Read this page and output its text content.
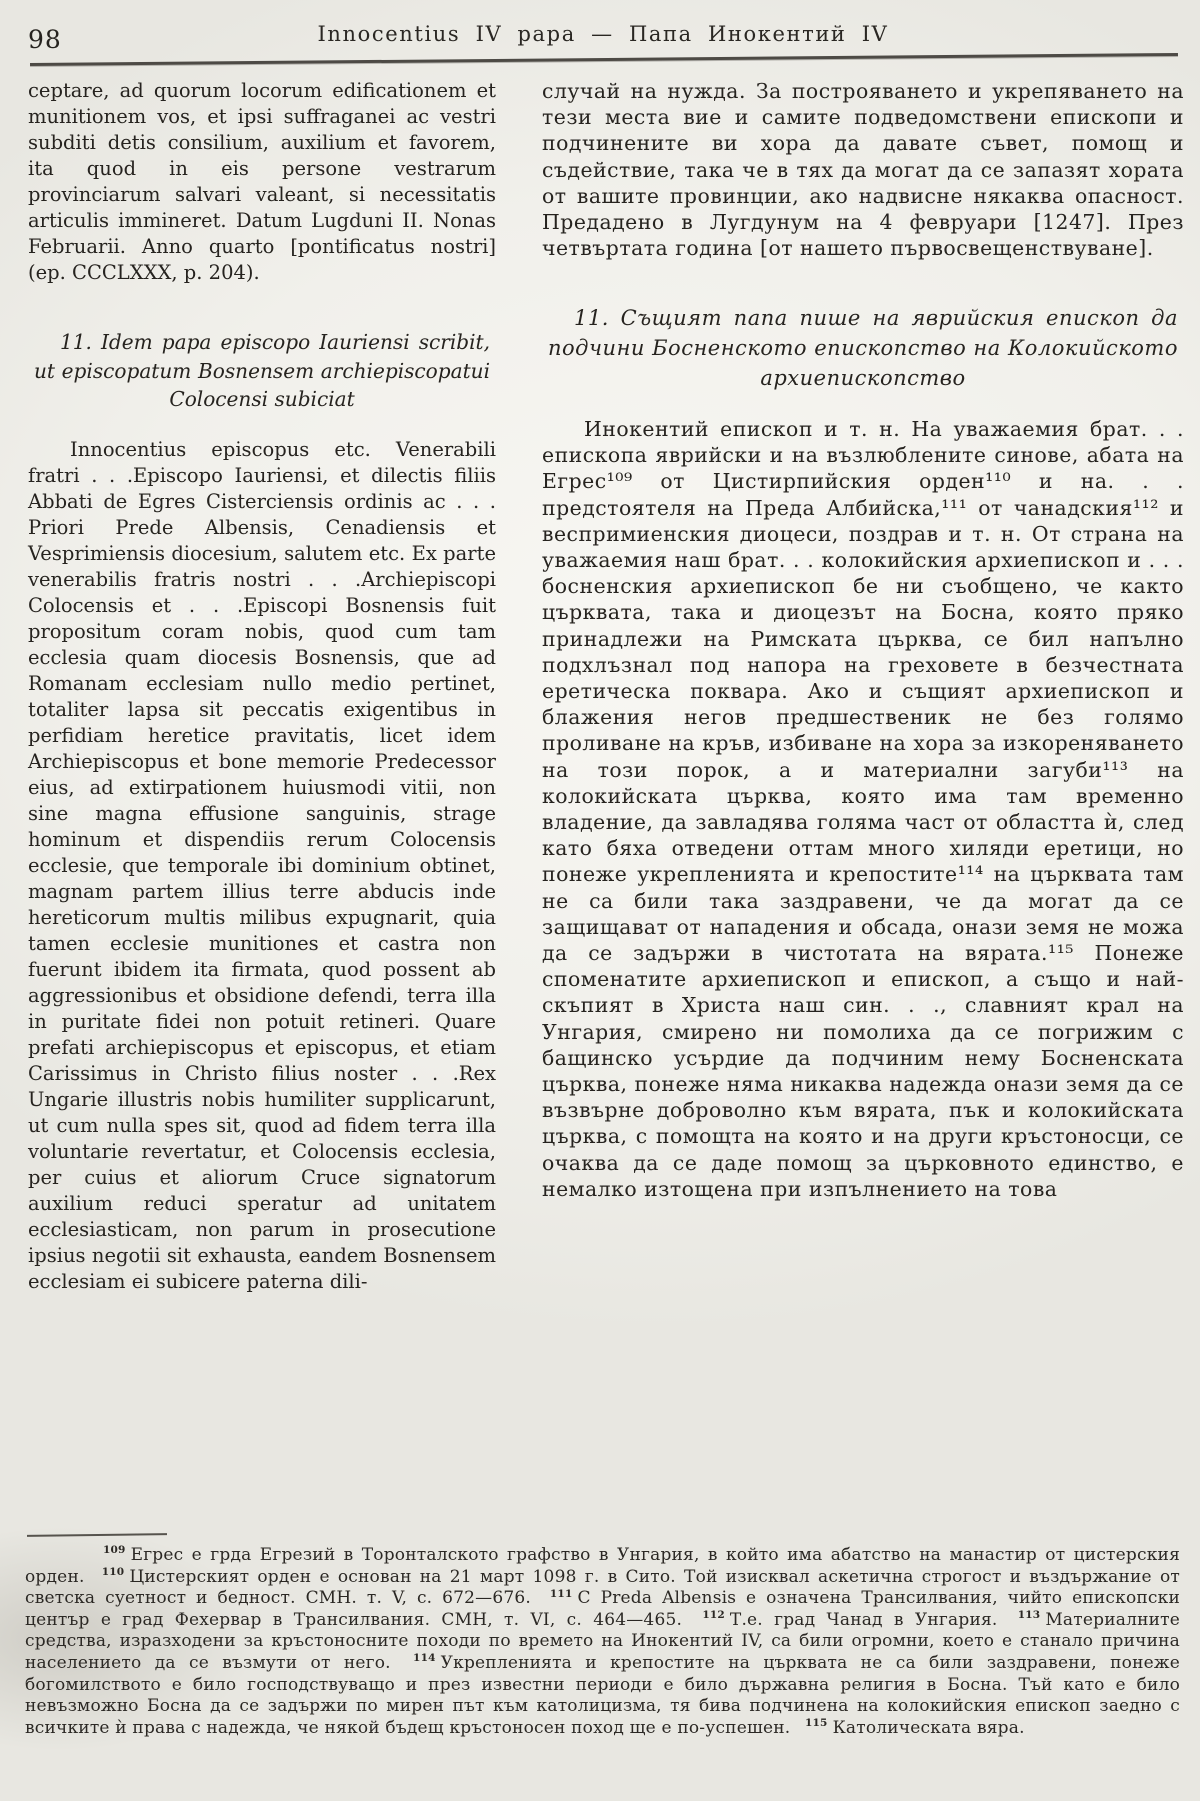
98	Innocentius IV papa — Папа Инокентий IV

ceptare, ad quorum locorum edificationem et munitionem vos, et ipsi suffraganei ac vestri subditi detis consilium, auxilium et favorem, ita quod in eis persone vestrarum provinciarum salvari valeant, si necessitatis articulis immineret. Datum Lugduni II. Nonas Februarii. Anno quarto [pontificatus nostri] (ep. CCCLXXX, p. 204).

11. Idem papa episcopo Iauriensi scribit, ut episcopatum Bosnensem archiepiscopatui Colocensi subiciat

Innocentius episcopus etc. Venerabili fratri . . .Episcopo Iauriensi, et dilectis filiis Abbati de Egres Cisterciensis ordinis ac . . . Priori Prede Albensis, Cenadiensis et Vesprimiensis diocesium, salutem etc. Ex parte venerabilis fratris nostri . . .Archiepiscopi Colocensis et . . .Episcopi Bosnensis fuit propositum coram nobis, quod cum tam ecclesia quam diocesis Bosnensis, que ad Romanam ecclesiam nullo medio pertinet, totaliter lapsa sit peccatis exigentibus in perfidiam heretice pravitatis, licet idem Archiepiscopus et bone memorie Predecessor eius, ad extirpationem huiusmodi vitii, non sine magna effusione sanguinis, strage hominum et dispendiis rerum Colocensis ecclesie, que temporale ibi dominium obtinet, magnam partem illius terre abducis inde hereticorum multis milibus expugnarit, quia tamen ecclesie munitiones et castra non fuerunt ibidem ita firmata, quod possent ab aggressionibus et obsidione defendi, terra illa in puritate fidei non potuit retineri. Quare prefati archiepiscopus et episcopus, et etiam Carissimus in Christo filius noster . . .Rex Ungarie illustris nobis humiliter supplicarunt, ut cum nulla spes sit, quod ad fidem terra illa voluntarie revertatur, et Colocensis ecclesia, per cuius et aliorum Cruce signatorum auxilium reduci speratur ad unitatem ecclesiasticam, non parum in prosecutione ipsius negotii sit exhausta, eandem Bosnensem ecclesiam ei subicere paterna dili-

случай на нужда. За построяването и укрепяването на тези места вие и самите подведомствени епископи и подчинените ви хора да давате съвет, помощ и съдействие, така че в тях да могат да се запазят хората от вашите провинции, ако надвисне някаква опасност. Предадено в Лугдунум на 4 февруари [1247]. През четвъртата година [от нашето първосвещенствуване].

11. Същият папа пише на яврийския епископ да подчини Босненското епископство на Колокийското архиепископство

Инокентий епископ и т. н. На уважаемия брат. . . епископа яврийски и на възлюблените синове, абата на Егрес¹⁰⁹ от Цистирпийския орден¹¹⁰ и на. . . предстоятеля на Преда Албийска,¹¹¹ от чанадския¹¹² и веспримиенския диоцеси, поздрав и т. н. От страна на уважаемия наш брат. . . колокийския архиепископ и . . . босненския архиепископ бе ни съобщено, че както църквата, така и диоцезът на Босна, която пряко принадлежи на Римската църква, се бил напълно подхлъзнал под напора на греховете в безчестната еретическа поквара. Ако и същият архиепископ и блажения негов предшественик не без голямо проливане на кръв, избиване на хора за изкореняването на този порок, а и материални загуби¹¹³ на колокийската църква, която има там временно владение, да завладява голяма част от областта ѝ, след като бяха отведени оттам много хиляди еретици, но понеже укрепленията и крепостите¹¹⁴ на църквата там не са били така заздравени, че да могат да се защищават от нападения и обсада, онази земя не можа да се задържи в чистотата на вярата.¹¹⁵ Понеже споменатите архиепископ и епископ, а също и най-скъпият в Христа наш син. . ., славният крал на Унгария, смирено ни помолиха да се погрижим с бащинско усърдие да подчиним нему Босненската църква, понеже няма никаква надежда онази земя да се възвърне доброволно към вярата, пък и колокийската църква, с помощта на която и на други кръстоносци, се очаква да се даде помощ за църковното единство, е немалко изтощена при изпълнението на това

$^{109}$ Егрес е грда Егрезий в Торонталското графство в Унгария, в който има абатство на манастир от цистерския орден. $^{110}$ Цистерският орден е основан на 21 март 1098 г. в Сито. Той изисквал аскетична строгост и въздържание от светска суетност и бедност. СМН. т. V, с. 672—676. $^{111}$ С Preda Albensis е означена Трансилвания, чийто епископски център е град Фехервар в Трансилвания. СМН, т. VI, с. 464—465. $^{112}$ Т.е. град Чанад в Унгария. $^{113}$ Материалните средства, изразходени за кръстоносните походи по времето на Инокентий IV, са били огромни, което е станало причина населението да се възмути от него. $^{114}$ Укрепленията и крепостите на църквата не са били заздравени, понеже богомилството е било господствуващо и през известни периоди е било държавна религия в Босна. Тъй като е било невъзможно Босна да се задържи по мирен път към католицизма, тя бива подчинена на колокийския епископ заедно с всичките ѝ права с надежда, че някой бъдещ кръстоносен поход ще е по-успешен. $^{115}$ Католическата вяра.
